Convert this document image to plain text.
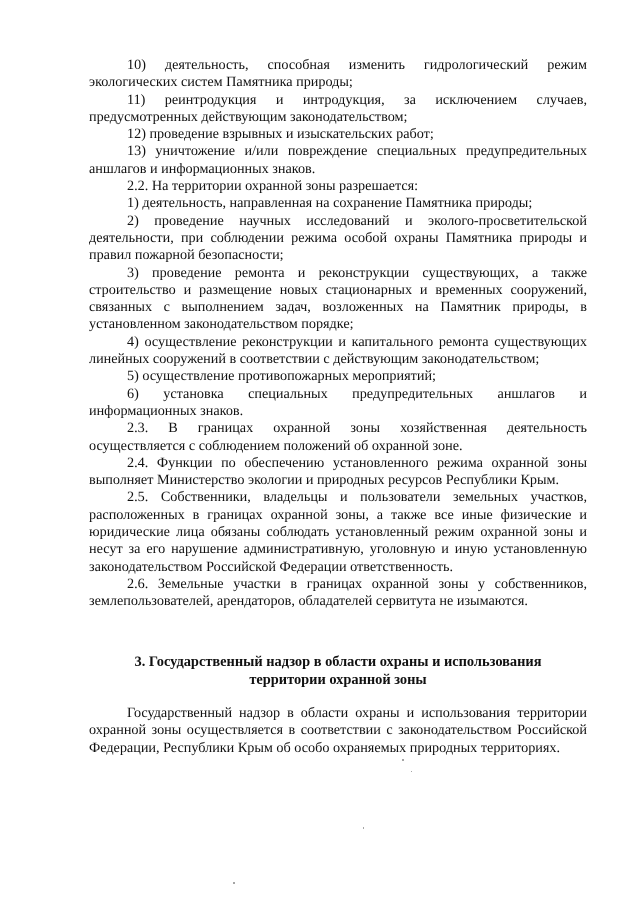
10) деятельность, способная изменить гидрологический режим экологических систем Памятника природы;

11) реинтродукция и интродукция, за исключением случаев, предусмотренных действующим законодательством;

12) проведение взрывных и изыскательских работ;

13) уничтожение и/или повреждение специальных предупредительных аншлагов и информационных знаков.

2.2. На территории охранной зоны разрешается:

1) деятельность, направленная на сохранение Памятника природы;

2) проведение научных исследований и эколого-просветительской деятельности, при соблюдении режима особой охраны Памятника природы и правил пожарной безопасности;

3) проведение ремонта и реконструкции существующих, а также строительство и размещение новых стационарных и временных сооружений, связанных с выполнением задач, возложенных на Памятник природы, в установленном законодательством порядке;

4) осуществление реконструкции и капитального ремонта существующих линейных сооружений в соответствии с действующим законодательством;

5) осуществление противопожарных мероприятий;

6) установка специальных предупредительных аншлагов и информационных знаков.

2.3. В границах охранной зоны хозяйственная деятельность осуществляется с соблюдением положений об охранной зоне.

2.4. Функции по обеспечению установленного режима охранной зоны выполняет Министерство экологии и природных ресурсов Республики Крым.

2.5. Собственники, владельцы и пользователи земельных участков, расположенных в границах охранной зоны, а также все иные физические и юридические лица обязаны соблюдать установленный режим охранной зоны и несут за его нарушение административную, уголовную и иную установленную законодательством Российской Федерации ответственность.

2.6. Земельные участки в границах охранной зоны у собственников, землепользователей, арендаторов, обладателей сервитута не изымаются.

3. Государственный надзор в области охраны и использования
территории охранной зоны

Государственный надзор в области охраны и использования территории охранной зоны осуществляется в соответствии с законодательством Российской Федерации, Республики Крым об особо охраняемых природных территориях.
